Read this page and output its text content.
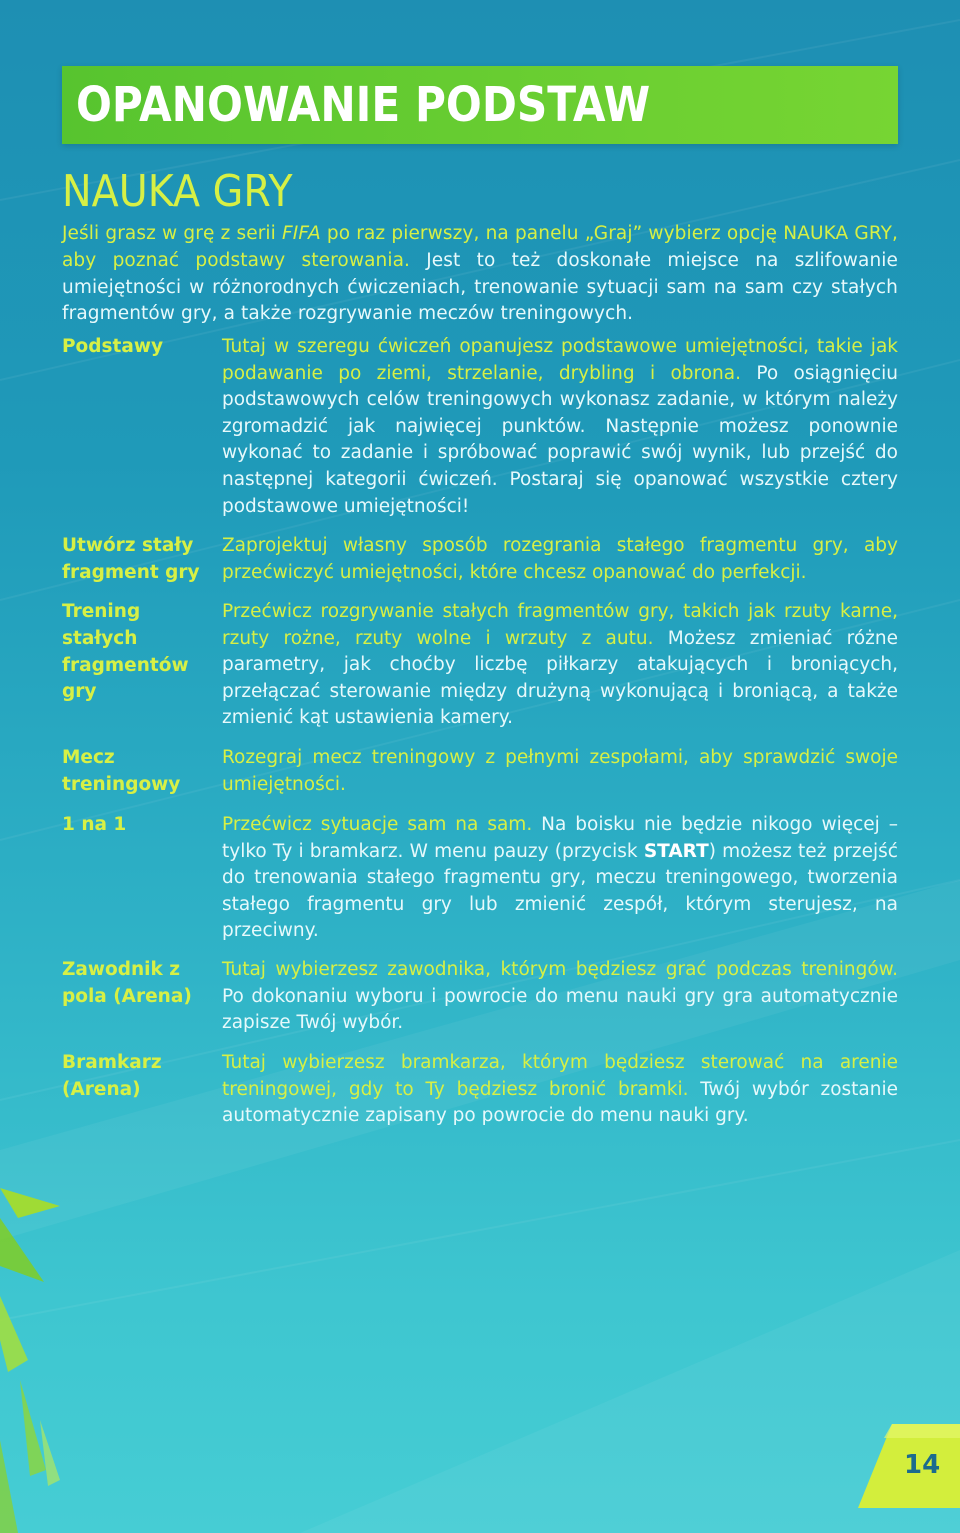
OPANOWANIE PODSTAW
NAUKA GRY
Jeśli grasz w grę z serii FIFA po raz pierwszy, na panelu „Graj” wybierz opcję NAUKA GRY, aby poznać podstawy sterowania. Jest to też doskonałe miejsce na szlifowanie umiejętności w różnorodnych ćwiczeniach, trenowanie sytuacji sam na sam czy stałych fragmentów gry, a także rozgrywanie meczów treningowych.
Podstawy	Tutaj w szeregu ćwiczeń opanujesz podstawowe umiejętności, takie jak podawanie po ziemi, strzelanie, drybling i obrona. Po osiągnięciu podstawowych celów treningowych wykonasz zadanie, w którym należy zgromadzić jak najwięcej punktów. Następnie możesz ponownie wykonać to zadanie i spróbować poprawić swój wynik, lub przejść do następnej kategorii ćwiczeń. Postaraj się opanować wszystkie cztery podstawowe umiejętności!
Utwórz stały fragment gry
Zaprojektuj własny sposób rozegrania stałego fragmentu gry, aby przećwiczyć umiejętności, które chcesz opanować do perfekcji.
Trening stałych fragmentów gry
Przećwicz rozgrywanie stałych fragmentów gry, takich jak rzuty karne, rzuty rożne, rzuty wolne i wrzuty z autu. Możesz zmieniać różne parametry, jak choćby liczbę piłkarzy atakujących i broniących, przełączać sterowanie między drużyną wykonującą i broniącą, a także zmienić kąt ustawienia kamery.
Mecz treningowy
Rozegraj mecz treningowy z pełnymi zespołami, aby sprawdzić swoje umiejętności.
1 na 1	Przećwicz sytuacje sam na sam. Na boisku nie będzie nikogo więcej – tylko Ty i bramkarz. W menu pauzy (przycisk START) możesz też przejść do trenowania stałego fragmentu gry, meczu treningowego, tworzenia stałego fragmentu gry lub zmienić zespół, którym sterujesz, na przeciwny.
Zawodnik z pola (Arena)
Tutaj wybierzesz zawodnika, którym będziesz grać podczas treningów. Po dokonaniu wyboru i powrocie do menu nauki gry gra automatycznie zapisze Twój wybór.
Bramkarz (Arena)
Tutaj wybierzesz bramkarza, którym będziesz sterować na arenie treningowej, gdy to Ty będziesz bronić bramki. Twój wybór zostanie automatycznie zapisany po powrocie do menu nauki gry.
14
